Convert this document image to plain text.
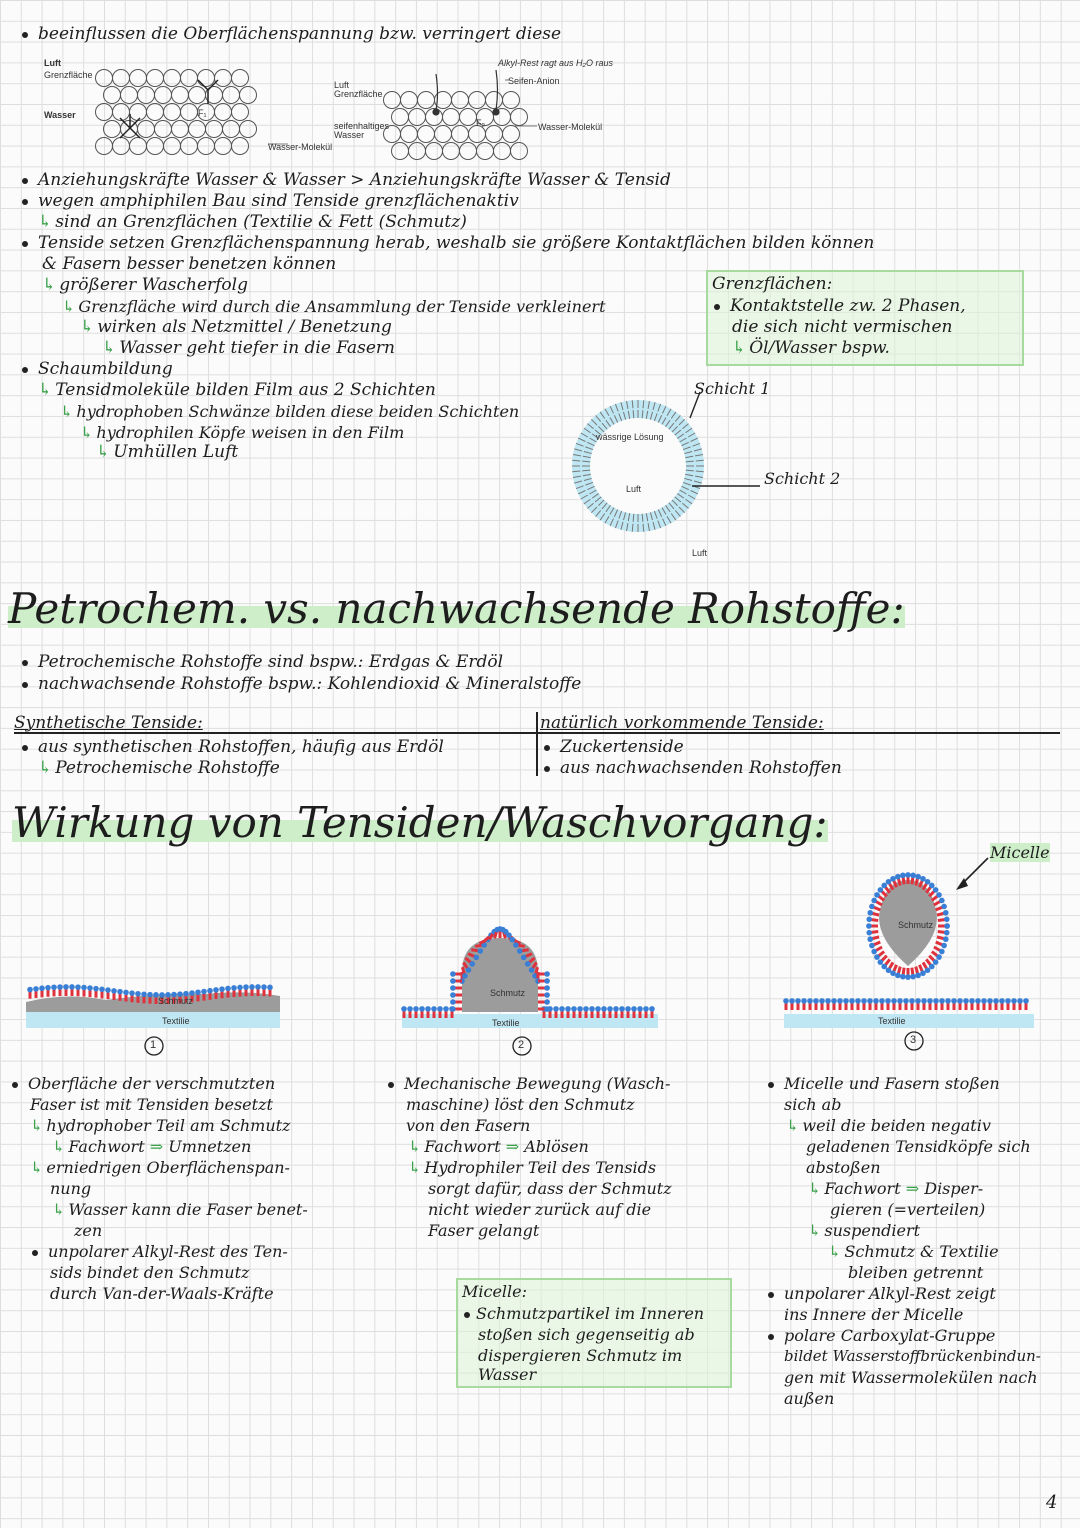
beeinflussen die Oberflächenspannung bzw. verringert diese
Luft
Grenzfläche
Wasser
Wasser-Molekül
Luft
Grenzfläche
seifenhaltiges Wasser
Alkyl-Rest ragt aus H₂O raus
Seifen-Anion
Wasser-Molekül
F₁
F₂
Anziehungskräfte Wasser & Wasser > Anziehungskräfte Wasser & Tensid
wegen amphiphilen Bau sind Tenside grenzflächenaktiv
↳ sind an Grenzflächen (Textilie & Fett (Schmutz)
Tenside setzen Grenzflächenspannung herab, weshalb sie größere Kontaktflächen bilden können
& Fasern besser benetzen können
↳ größerer Wascherfolg
↳ Grenzfläche wird durch die Ansammlung der Tenside verkleinert
↳ wirken als Netzmittel / Benetzung
↳ Wasser geht tiefer in die Fasern
Schaumbildung
↳ Tensidmoleküle bilden Film aus 2 Schichten
↳ hydrophoben Schwänze bilden diese beiden Schichten
↳ hydrophilen Köpfe weisen in den Film
↳ Umhüllen Luft
Grenzflächen:
Kontaktstelle zw. 2 Phasen,
die sich nicht vermischen
↳ Öl/Wasser bspw.
Schicht 1
Schicht 2
wässrige Lösung
Luft
Luft
Petrochem. vs. nachwachsende Rohstoffe:
Petrochemische Rohstoffe sind bspw.: Erdgas & Erdöl
nachwachsende Rohstoffe bspw.: Kohlendioxid & Mineralstoffe
Synthetische Tenside:
aus synthetischen Rohstoffen, häufig aus Erdöl
↳ Petrochemische Rohstoffe
natürlich vorkommende Tenside:
Zuckertenside
aus nachwachsenden Rohstoffen
Wirkung von Tensiden/Waschvorgang:
Micelle
Schmutz
Textilie
1
Schmutz
Textilie
2
Schmutz
Textilie
3
Oberfläche der verschmutzten
Faser ist mit Tensiden besetzt
↳ hydrophober Teil am Schmutz
↳ Fachwort ⇒ Umnetzen
↳ erniedrigen Oberflächenspan-
nung
↳ Wasser kann die Faser benet-
zen
unpolarer Alkyl-Rest des Ten-
sids bindet den Schmutz
durch Van-der-Waals-Kräfte
Mechanische Bewegung (Wasch-
maschine) löst den Schmutz
von den Fasern
↳ Fachwort ⇒ Ablösen
↳ Hydrophiler Teil des Tensids
sorgt dafür, dass der Schmutz
nicht wieder zurück auf die
Faser gelangt
Micelle:
Schmutzpartikel im Inneren
stoßen sich gegenseitig ab
dispergieren Schmutz im
Wasser
Micelle und Fasern stoßen
sich ab
↳ weil die beiden negativ
geladenen Tensidköpfe sich
abstoßen
↳ Fachwort ⇒ Disper-
gieren (=verteilen)
↳ suspendiert
↳ Schmutz & Textilie
bleiben getrennt
unpolarer Alkyl-Rest zeigt
ins Innere der Micelle
polare Carboxylat-Gruppe
bildet Wasserstoffbrückenbindun-
gen mit Wassermolekülen nach
außen
4
